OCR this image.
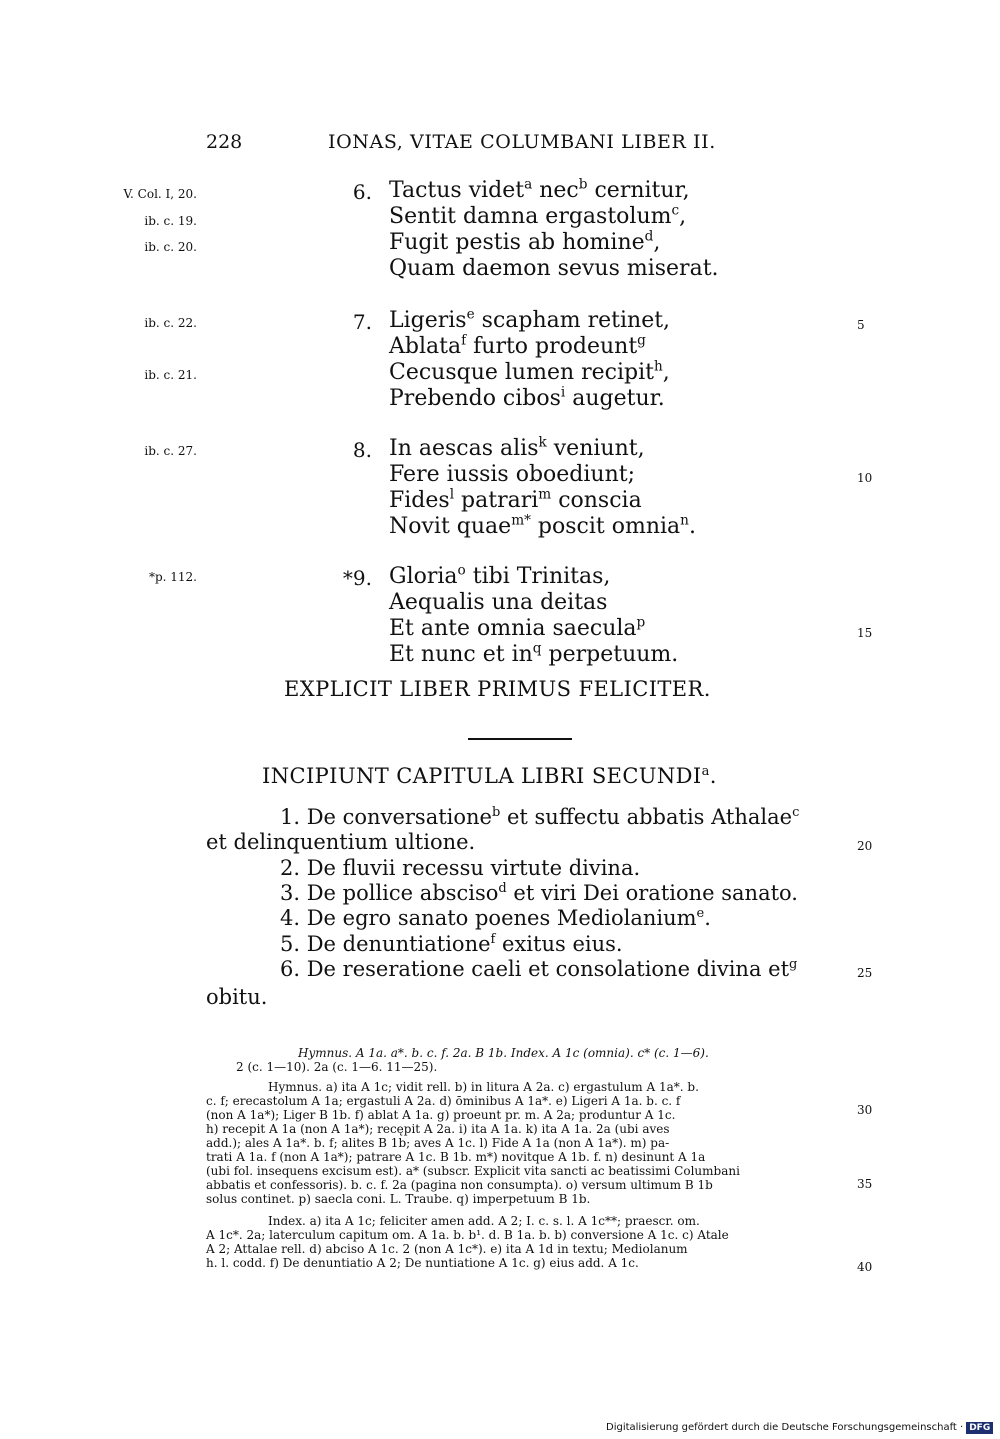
228	IONAS, VITAE COLUMBANI LIBER II.
V. Col. I, 20.
ib. c. 19.
ib. c. 20.
ib. c. 22.
ib. c. 21.
ib. c. 27.
*p. 112.
6. Tactus videt$^a$ nec$^b$ cernitur,
Sentit damna ergastolum$^c$,
Fugit pestis ab homine$^d$,
Quam daemon sevus miserat.
7. Ligeris$^e$ scapham retinet,
Ablata$^f$ furto prodeunt$^g$
Cecusque lumen recipit$^h$,
Prebendo cibos$^i$ augetur.
8. In aescas alis$^k$ veniunt,
Fere iussis oboediunt;
Fides$^l$ patrari$^m$ conscia
Novit quae$^{m*}$ poscit omnia$^n$.
*9. Gloria$^o$ tibi Trinitas,
Aequalis una deitas
Et ante omnia saecula$^p$
Et nunc et $in^q$ perpetuum.
EXPLICIT LIBER PRIMUS FELICITER.
INCIPIUNT CAPITULA LIBRI SECUNDI$^a$.
1. De conversatione$^b$ et suffectu abbatis Athalae$^c$
et delinquentium ultione.
2. De fluvii recessu virtute divina.
3. De pollice absciso$^d$ et viri Dei oratione sanato.
4. De egro sanato poenes Mediolanium$^e$.
5. De denuntiatione$^f$ exitus eius.
6. De reseratione caeli et consolatione divina $et^g$
obitu.
5
10
15
20
25
30
35
40
Hymnus. A 1a. a*. b. c. f. 2a. B 1b. Index. A 1c (omnia). c* (c. 1—6).
2 (c. 1—10). 2a (c. 1—6. 11—25).
Hymnus. a) ita A 1c; vidit rell. b) in litura A 2a. c) ergastulum A 1a*. b.
c. f; erecastolum A 1a; ergastuli A 2a. d) ōminibus A 1a*. e) Ligeri A 1a. b. c. f
(non A 1a*); Liger B 1b. f) ablat A 1a. g) proeunt pr. m. A 2a; produntur A 1c.
h) recepit A 1a (non A 1a*); recępit A 2a. i) ita A 1a. k) ita A 1a. 2a (ubi aves
add.); ales A 1a*. b. f; alites B 1b; aves A 1c. l) Fide A 1a (non A 1a*). m) pa-
trati A 1a. f (non A 1a*); patrare A 1c. B 1b. m*) novitque A 1b. f. n) desinunt A 1a
(ubi fol. insequens excisum est). a* (subscr. Explicit vita sancti ac beatissimi Columbani
abbatis et confessoris). b. c. f. 2a (pagina non consumpta). o) versum ultimum B 1b
solus continet. p) saecla coni. L. Traube. q) imperpetuum B 1b.
Index. a) ita A 1c; feliciter amen add. A 2; I. c. s. l. A 1c**; praescr. om.
A 1c*. 2a; laterculum capitum om. A 1a. b. b¹. d. B 1a. b. b) conversione A 1c. c) Atale
A 2; Attalae rell. d) abciso A 1c. 2 (non A 1c*). e) ita A 1d in textu; Mediolanum
h. l. codd. f) De denuntiatio A 2; De nuntiatione A 1c. g) eius add. A 1c.
Digitalisierung gefördert durch die Deutsche Forschungsgemeinschaft · DFG
